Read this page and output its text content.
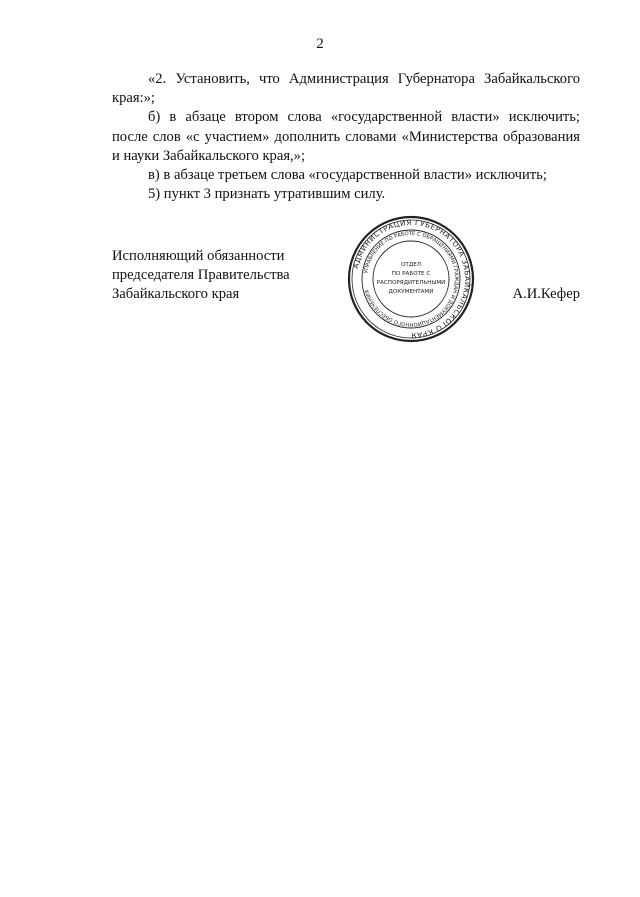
2

«2. Установить, что Администрация Губернатора Забайкальского края:»;

б) в абзаце втором слова «государственной власти» исключить; после слов «с участием» дополнить словами «Министерства образования и науки Забайкальского края,»;

в) в абзаце третьем слова «государственной власти» исключить;

5) пункт 3 признать утратившим силу.

Исполняющий обязанности
председателя Правительства
Забайкальского края	А.И.Кефер
АДМИНИСТРАЦИЯ ГУБЕРНАТОРА ЗАБАЙКАЛЬСКОГО КРАЯ
УПРАВЛЕНИЕ ПО РАБОТЕ С ОБРАЩЕНИЯМИ ГРАЖДАН И ДОКУМЕНТАЦИОННОГО ОБЕСПЕЧЕНИЯ
ОТДЕЛ
ПО РАБОТЕ С
РАСПОРЯДИТЕЛЬНЫМИ
ДОКУМЕНТАМИ
